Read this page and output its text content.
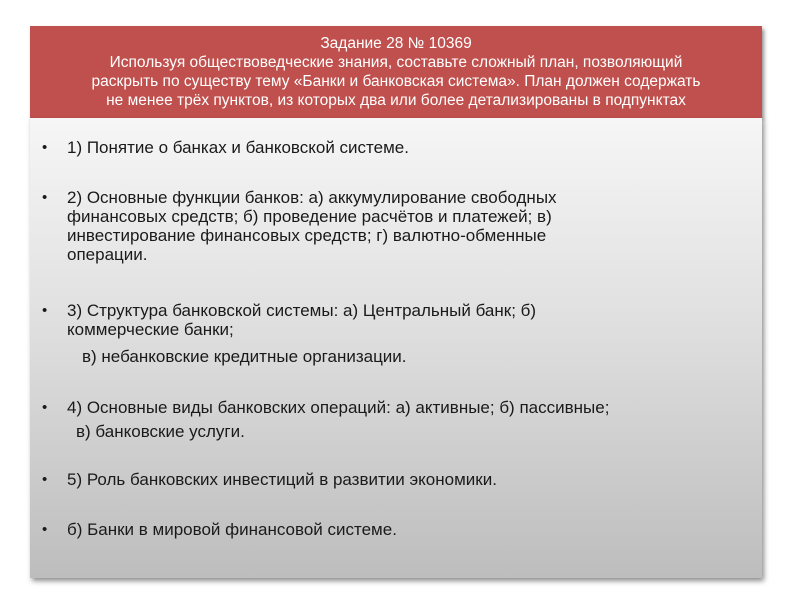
Задание 28 № 10369
Используя обществоведческие знания, составьте сложный план, позволяющий
раскрыть по существу тему «Банки и банковская система». План должен содержать
не менее трёх пунктов, из которых два или более детализированы в подпунктах
• 1) Понятие о банках и банковской системе.
• 2) Основные функции банков: а) аккумулирование свободных
финансовых средств; б) проведение расчётов и платежей; в)
инвестирование финансовых средств; г) валютно-обменные
операции.
• 3) Структура банковской системы: а) Центральный банк; б)
коммерческие банки;
в) небанковские кредитные организации.
• 4) Основные виды банковских операций: а) активные; б) пассивные;
в) банковские услуги.
• 5) Роль банковских инвестиций в развитии экономики.
• б) Банки в мировой финансовой системе.
